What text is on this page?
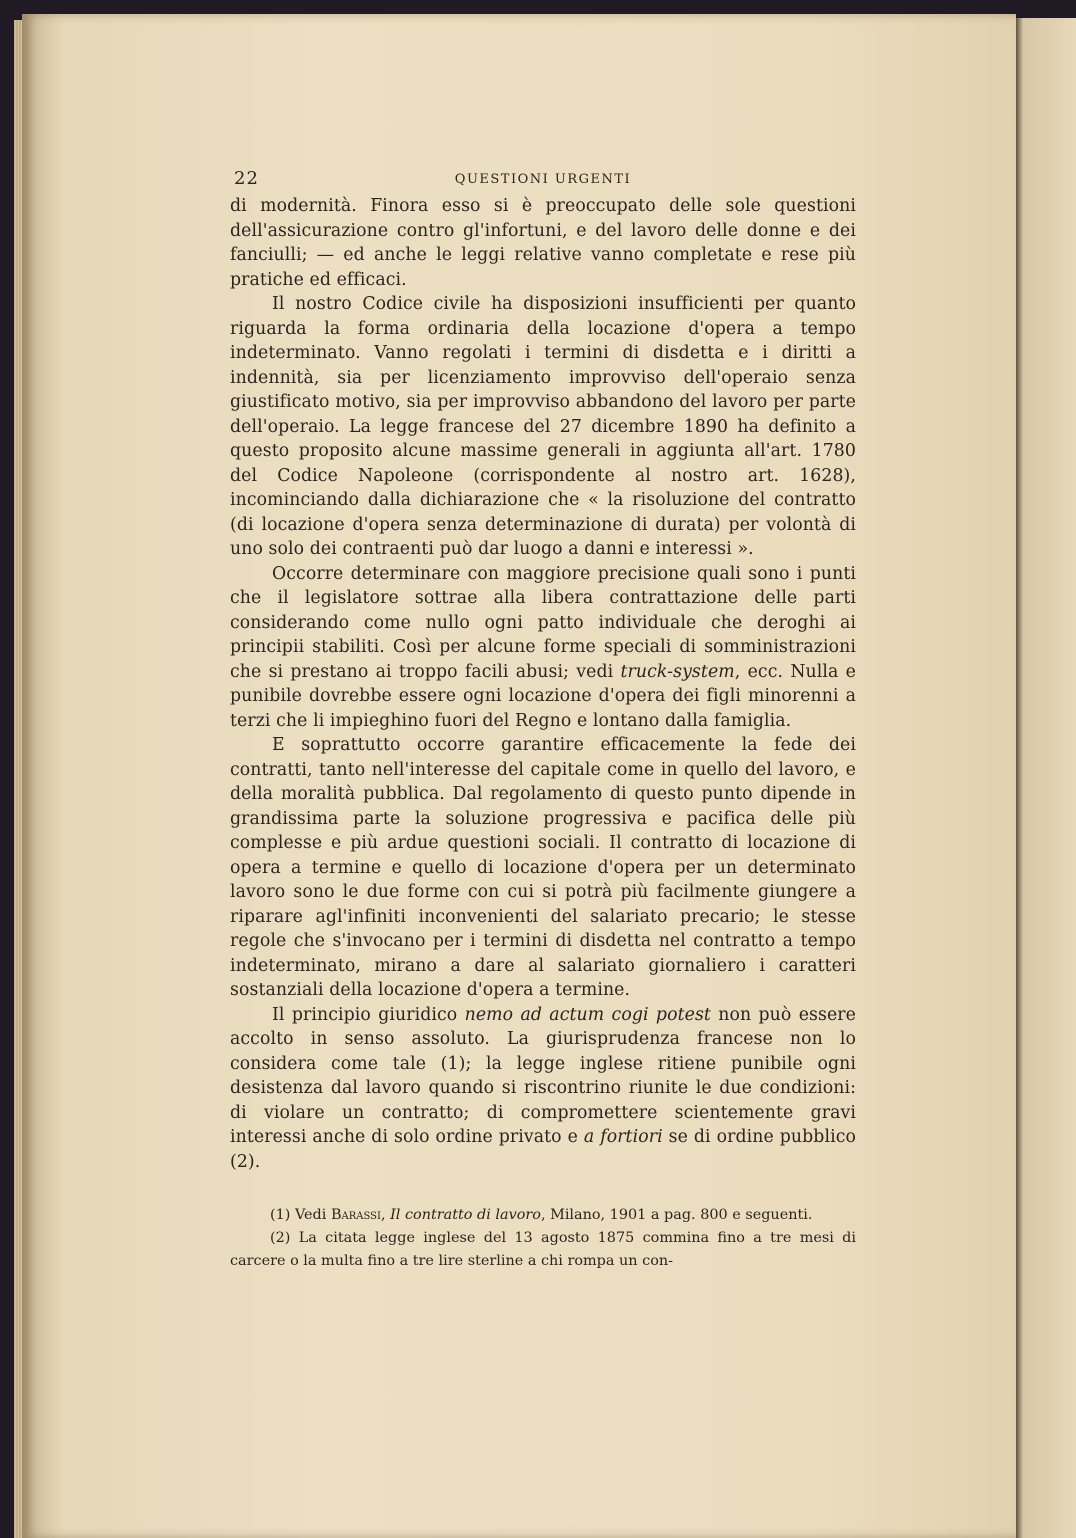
22	QUESTIONI URGENTI

di modernità. Finora esso si è preoccupato delle sole questioni dell'assicurazione contro gl'infortuni, e del lavoro delle donne e dei fanciulli; — ed anche le leggi relative vanno completate e rese più pratiche ed efficaci.

Il nostro Codice civile ha disposizioni insufficienti per quanto riguarda la forma ordinaria della locazione d'opera a tempo indeterminato. Vanno regolati i termini di disdetta e i diritti a indennità, sia per licenziamento improvviso dell'operaio senza giustificato motivo, sia per improvviso abbandono del lavoro per parte dell'operaio. La legge francese del 27 dicembre 1890 ha definito a questo proposito alcune massime generali in aggiunta all'art. 1780 del Codice Napoleone (corrispondente al nostro art. 1628), incominciando dalla dichiarazione che « la risoluzione del contratto (di locazione d'opera senza determinazione di durata) per volontà di uno solo dei contraenti può dar luogo a danni e interessi ».

Occorre determinare con maggiore precisione quali sono i punti che il legislatore sottrae alla libera contrattazione delle parti considerando come nullo ogni patto individuale che deroghi ai principii stabiliti. Così per alcune forme speciali di somministrazioni che si prestano ai troppo facili abusi; vedi truck-system, ecc. Nulla e punibile dovrebbe essere ogni locazione d'opera dei figli minorenni a terzi che li impieghino fuori del Regno e lontano dalla famiglia.

E soprattutto occorre garantire efficacemente la fede dei contratti, tanto nell'interesse del capitale come in quello del lavoro, e della moralità pubblica. Dal regolamento di questo punto dipende in grandissima parte la soluzione progressiva e pacifica delle più complesse e più ardue questioni sociali. Il contratto di locazione di opera a termine e quello di locazione d'opera per un determinato lavoro sono le due forme con cui si potrà più facilmente giungere a riparare agl'infiniti inconvenienti del salariato precario; le stesse regole che s'invocano per i termini di disdetta nel contratto a tempo indeterminato, mirano a dare al salariato giornaliero i caratteri sostanziali della locazione d'opera a termine.

Il principio giuridico nemo ad actum cogi potest non può essere accolto in senso assoluto. La giurisprudenza francese non lo considera come tale (1); la legge inglese ritiene punibile ogni desistenza dal lavoro quando si riscontrino riunite le due condizioni: di violare un contratto; di compromettere scientemente gravi interessi anche di solo ordine privato e a fortiori se di ordine pubblico (2).

(1) Vedi Barassi, Il contratto di lavoro, Milano, 1901 a pag. 800 e seguenti.

(2) La citata legge inglese del 13 agosto 1875 commina fino a tre mesi di carcere o la multa fino a tre lire sterline a chi rompa un con-
